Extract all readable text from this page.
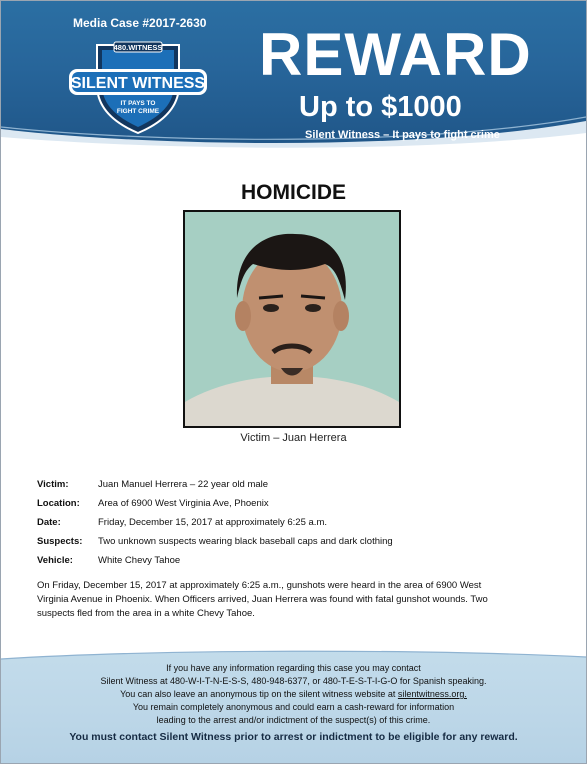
Media Case #2017-2630
480.WITNESS
SILENT WITNESS
IT PAYS TO
FIGHT CRIME
REWARD
Up to $1000
Silent Witness – It pays to fight crime
HOMICIDE
Victim – Juan Herrera
Victim:	Juan Manuel Herrera – 22 year old male
Location: Area of 6900 West Virginia Ave, Phoenix
Date:	Friday, December 15, 2017 at approximately 6:25 a.m.
Suspects: Two unknown suspects wearing black baseball caps and dark clothing
Vehicle:	White Chevy Tahoe

On Friday, December 15, 2017 at approximately 6:25 a.m., gunshots were heard in the area of 6900 West

Virginia Avenue in Phoenix. When Officers arrived, Juan Herrera was found with fatal gunshot wounds. Two

suspects fled from the area in a white Chevy Tahoe.

If you have any information regarding this case you may contact
Silent Witness at 480-W-I-T-N-E-S-S, 480-948-6377, or 480-T-E-S-T-I-G-O for Spanish speaking.
You can also leave an anonymous tip on the silent witness website at silentwitness.org.
You remain completely anonymous and could earn a cash-reward for information
leading to the arrest and/or indictment of the suspect(s) of this crime.
You must contact Silent Witness prior to arrest or indictment to be eligible for any reward.
